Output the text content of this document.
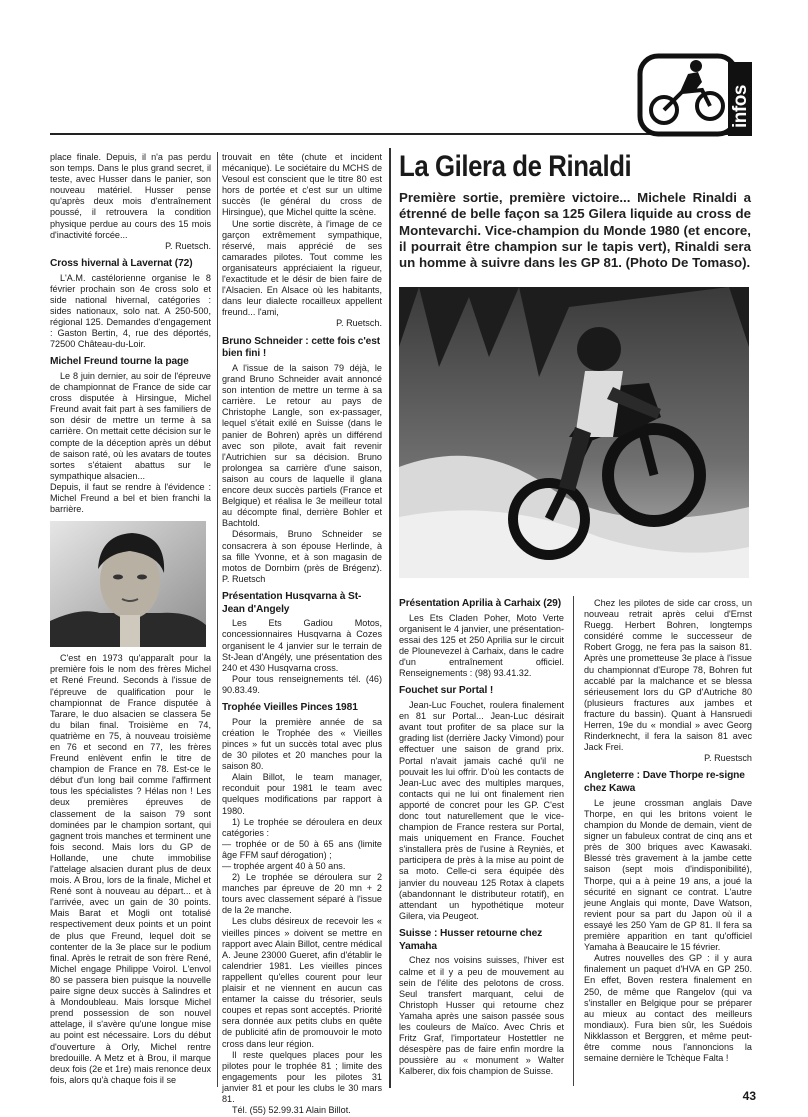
infos

place finale. Depuis, il n'a pas perdu son temps. Dans le plus grand secret, il teste, avec Husser dans le panier, son nouveau matériel. Husser pense qu'après deux mois d'entraînement poussé, il retrouvera la condition physique perdue au cours des 15 mois d'inactivité forcée...

P. Ruetsch.

Cross hivernal à Lavernat (72)

L'A.M. castélorienne organise le 8 février prochain son 4e cross solo et side national hivernal, catégories : sides nationaux, solo nat. A 250-500, régional 125. Demandes d'engagement : Gaston Bertin, 4, rue des déportés, 72500 Château-du-Loir.

Michel Freund tourne la page

Le 8 juin dernier, au soir de l'épreuve de championnat de France de side car cross disputée à Hirsingue, Michel Freund avait fait part à ses familiers de son désir de mettre un terme à sa carrière. On mettait cette décision sur le compte de la déception après un début de saison raté, où les avatars de toutes sortes s'étaient abattus sur le sympathique alsacien...

Depuis, il faut se rendre à l'évidence : Michel Freund a bel et bien franchi la barrière.

C'est en 1973 qu'apparaît pour la première fois le nom des frères Michel et René Freund. Seconds à l'issue de l'épreuve de qualification pour le championnat de France disputée à Tarare, le duo alsacien se classera 5e du bilan final. Troisième en 74, quatrième en 75, à nouveau troisième en 76 et second en 77, les frères Freund enlèvent enfin le titre de champion de France en 78. Est-ce le début d'un long bail comme l'affirment tous les spécialistes ? Hélas non ! Les deux premières épreuves de classement de la saison 79 sont dominées par le champion sortant, qui gagnent trois manches et terminent une fois second. Mais lors du GP de Hollande, une chute immobilise l'attelage alsacien durant plus de deux mois. A Brou, lors de la finale, Michel et René sont à nouveau au départ... et à l'arrivée, avec un gain de 30 points. Mais Barat et Mogli ont totalisé respectivement deux points et un point de plus que Freund, lequel doit se contenter de la 3e place sur le podium final. Après le retrait de son frère René, Michel engage Philippe Voirol. L'envol 80 se passera bien puisque la nouvelle paire signe deux succès à Salindres et à Mondoubleau. Mais lorsque Michel prend possession de son nouvel attelage, il s'avère qu'une longue mise au point est nécessaire. Lors du début d'ouverture à Orly, Michel rentre bredouille. A Metz et à Brou, il marque deux fois (2e et 1re) mais renonce deux fois, alors qu'à chaque fois il se

trouvait en tête (chute et incident mécanique). Le sociétaire du MCHS de Vesoul est conscient que le titre 80 est hors de portée et c'est sur un ultime succès (le général du cross de Hirsingue), que Michel quitte la scène.

Une sortie discrète, à l'image de ce garçon extrêmement sympathique, réservé, mais apprécié de ses camarades pilotes. Tout comme les organisateurs appréciaient la rigueur, l'exactitude et le désir de bien faire de l'Alsacien. En Alsace où les habitants, dans leur dialecte rocailleux appellent freund... l'ami,

P. Ruetsch.

Bruno Schneider : cette fois c'est bien fini !

A l'issue de la saison 79 déjà, le grand Bruno Schneider avait annoncé son intention de mettre un terme à sa carrière. Le retour au pays de Christophe Langle, son ex-passager, lequel s'était exilé en Suisse (dans le panier de Bohren) après un différend avec son pilote, avait fait revenir l'Autrichien sur sa décision. Bruno prolongea sa carrière d'une saison, saison au cours de laquelle il glana encore deux succès partiels (France et Belgique) et réalisa le 3e meilleur total au décompte final, derrière Bohler et Bachtold.

Désormais, Bruno Schneider se consacrera à son épouse Herlinde, à sa fille Yvonne, et à son magasin de motos de Dornbirn (près de Brégenz). P. Ruetsch

Présentation Husqvarna à St-Jean d'Angely

Les Ets Gadiou Motos, concessionnaires Husqvarna à Cozes organisent le 4 janvier sur le terrain de St-Jean d'Angély, une présentation des 240 et 430 Husqvarna cross.

Pour tous renseignements tél. (46) 90.83.49.

Trophée Vieilles Pinces 1981

Pour la première année de sa création le Trophée des « Vieilles pinces » fut un succès total avec plus de 30 pilotes et 20 manches pour la saison 80.

Alain Billot, le team manager, reconduit pour 1981 le team avec quelques modifications par rapport à 1980.

1) Le trophée se déroulera en deux catégories :

— trophée or de 50 à 65 ans (limite âge FFM sauf dérogation) ;

— trophée argent 40 à 50 ans.

2) Le trophée se déroulera sur 2 manches par épreuve de 20 mn + 2 tours avec classement séparé à l'issue de la 2e manche.

Les clubs désireux de recevoir les « vieilles pinces » doivent se mettre en rapport avec Alain Billot, centre médical A. Jeune 23000 Gueret, afin d'établir le calendrier 1981. Les vieilles pinces rappellent qu'elles courent pour leur plaisir et ne viennent en aucun cas entamer la caisse du trésorier, seuls coupes et repas sont acceptés. Priorité sera donnée aux petits clubs en quête de publicité afin de promouvoir le moto cross dans leur région.

Il reste quelques places pour les pilotes pour le trophée 81 ; limite des engagements pour les pilotes 31 janvier 81 et pour les clubs le 30 mars 81.

Tél. (55) 52.99.31 Alain Billot.

La Gilera de Rinaldi
Première sortie, première victoire... Michele Rinaldi a étrenné de belle façon sa 125 Gilera liquide au cross de Montevarchi. Vice-champion du Monde 1980 (et encore, il pourrait être champion sur le tapis vert), Rinaldi sera un homme à suivre dans les GP 81. (Photo De Tomaso).
Présentation Aprilia à Carhaix (29)

Les Ets Claden Poher, Moto Verte organisent le 4 janvier, une présentation-essai des 125 et 250 Aprilia sur le circuit de Plounevezel à Carhaix, dans le cadre d'un entraînement officiel. Renseignements : (98) 93.41.32.

Fouchet sur Portal !

Jean-Luc Fouchet, roulera finalement en 81 sur Portal... Jean-Luc désirait avant tout profiter de sa place sur la grading list (derrière Jacky Vimond) pour effectuer une saison de grand prix. Portal n'avait jamais caché qu'il ne pouvait les lui offrir. D'où les contacts de Jean-Luc avec des multiples marques, contacts qui ne lui ont finalement rien apporté de concret pour les GP. C'est donc tout naturellement que le vice-champion de France restera sur Portal, mais uniquement en France. Fouchet s'installera près de l'usine à Reyniès, et participera de près à la mise au point de sa moto. Celle-ci sera équipée dès janvier du nouveau 125 Rotax à clapets (abandonnant le distributeur rotatif), en attendant un hypothétique moteur Gilera, via Peugeot.

Suisse : Husser retourne chez Yamaha

Chez nos voisins suisses, l'hiver est calme et il y a peu de mouvement au sein de l'élite des pelotons de cross. Seul transfert marquant, celui de Christoph Husser qui retourne chez Yamaha après une saison passée sous les couleurs de Maïco. Avec Chris et Fritz Graf, l'importateur Hostettler ne désespère pas de faire enfin mordre la poussière au « monument » Walter Kalberer, dix fois champion de Suisse.

Chez les pilotes de side car cross, un nouveau retrait après celui d'Ernst Ruegg. Herbert Bohren, longtemps considéré comme le successeur de Robert Grogg, ne fera pas la saison 81. Après une prometteuse 3e place à l'issue du championnat d'Europe 78, Bohren fut accablé par la malchance et se blessa sérieusement lors du GP d'Autriche 80 (plusieurs fractures aux jambes et fracture du bassin). Quant à Hansruedi Herren, 19e du « mondial » avec Georg Rinderknecht, il fera la saison 81 avec Jack Frei.

P. Ruestsch

Angleterre : Dave Thorpe re-signe chez Kawa

Le jeune crossman anglais Dave Thorpe, en qui les britons voient le champion du Monde de demain, vient de signer un fabuleux contrat de cinq ans et près de 300 briques avec Kawasaki. Blessé très gravement à la jambe cette saison (sept mois d'indisponibilité), Thorpe, qui a à peine 19 ans, a joué la sécurité en signant ce contrat. L'autre jeune Anglais qui monte, Dave Watson, revient pour sa part du Japon où il a essayé les 250 Yam de GP 81. Il fera sa première apparition en tant qu'officiel Yamaha à Beaucaire le 15 février.

Autres nouvelles des GP : il y aura finalement un paquet d'HVA en GP 250. En effet, Boven restera finalement en 250, de même que Rangelov (qui va s'installer en Belgique pour se préparer au mieux au contact des meilleurs mondiaux). Fura bien sûr, les Suédois Nikklasson et Berggren, et même peut-être comme nous l'annoncions la semaine dernière le Tchèque Falta !

43
